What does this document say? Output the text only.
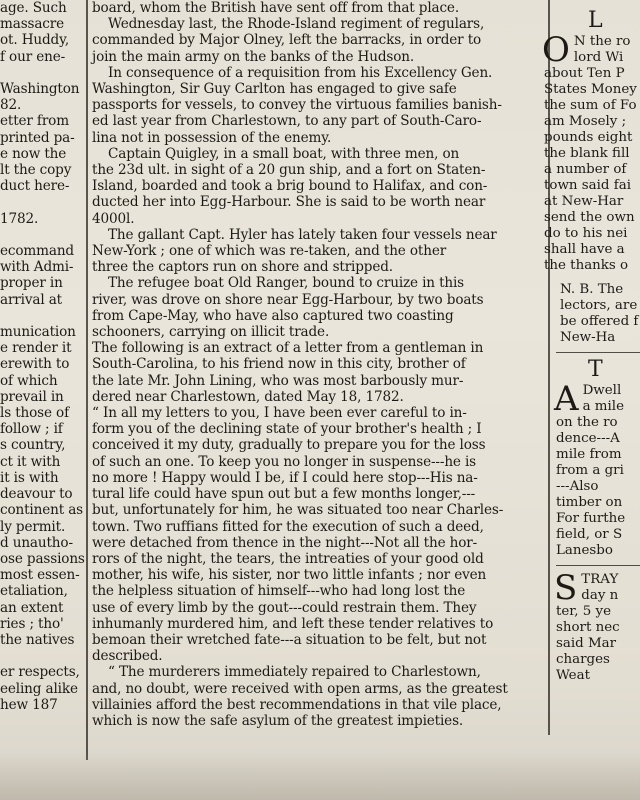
age. Such
massacre
ot. Huddy,
f our ene-

Washington
82.
etter from
printed pa-
e now the
lt the copy
duct here-

1782.

ecommand
with Admi-
proper in
arrival at

munication
e render it
erewith to
of which
prevail in
ls those of
follow ; if
s country,
ct it with
it is with
deavour to
continent as
ly permit.
d unautho-
ose passions
most essen-
etaliation,
an extent
ries ; tho'
the natives

er respects,
eeling alike
hew 187
board, whom the British have sent off from that place.
Wednesday last, the Rhode-Island regiment of regulars,
commanded by Major Olney, left the barracks, in order to
join the main army on the banks of the Hudson.
In consequence of a requisition from his Excellency Gen.
Washington, Sir Guy Carlton has engaged to give safe
passports for vessels, to convey the virtuous families banish-
ed last year from Charlestown, to any part of South-Caro-
lina not in possession of the enemy.
Captain Quigley, in a small boat, with three men, on
the 23d ult. in sight of a 20 gun ship, and a fort on Staten-
Island, boarded and took a brig bound to Halifax, and con-
ducted her into Egg-Harbour. She is said to be worth near
4000l.
The gallant Capt. Hyler has lately taken four vessels near
New-York ; one of which was re-taken, and the other
three the captors run on shore and stripped.
The refugee boat Old Ranger, bound to cruize in this
river, was drove on shore near Egg-Harbour, by two boats
from Cape-May, who have also captured two coasting
schooners, carrying on illicit trade.
The following is an extract of a letter from a gentleman in
South-Carolina, to his friend now in this city, brother of
the late Mr. John Lining, who was most barbously mur-
dered near Charlestown, dated May 18, 1782.
“ In all my letters to you, I have been ever careful to in-
form you of the declining state of your brother's health ; I
conceived it my duty, gradually to prepare you for the loss
of such an one. To keep you no longer in suspense---he is
no more ! Happy would I be, if I could here stop---His na-
tural life could have spun out but a few months longer,---
but, unfortunately for him, he was situated too near Charles-
town. Two ruffians fitted for the execution of such a deed,
were detached from thence in the night---Not all the hor-
rors of the night, the tears, the intreaties of your good old
mother, his wife, his sister, nor two little infants ; nor even
the helpless situation of himself---who had long lost the
use of every limb by the gout---could restrain them. They
inhumanly murdered him, and left these tender relatives to
bemoan their wretched fate---a situation to be felt, but not
described.
“ The murderers immediately repaired to Charlestown,
and, no doubt, were received with open arms, as the greatest
villainies afford the best recommendations in that vile place,
which is now the safe asylum of the greatest impieties.
L
O N the ro
lord Wi
about Ten P
States Money
the sum of Fo
am Mosely ;
pounds eight
the blank fill
a number of
town said fai
at New-Har
send the own
do to his nei
shall have a
the thanks o
N. B. The
lectors, are
be offered f
New-Ha
T
A Dwell
a mile
on the ro
dence---A
mile from
from a gri
---Also
timber on
For furthe
field, or S
Lanesbo
S TRAY
day n
ter, 5 ye
short nec
said Mar
charges
Weat
